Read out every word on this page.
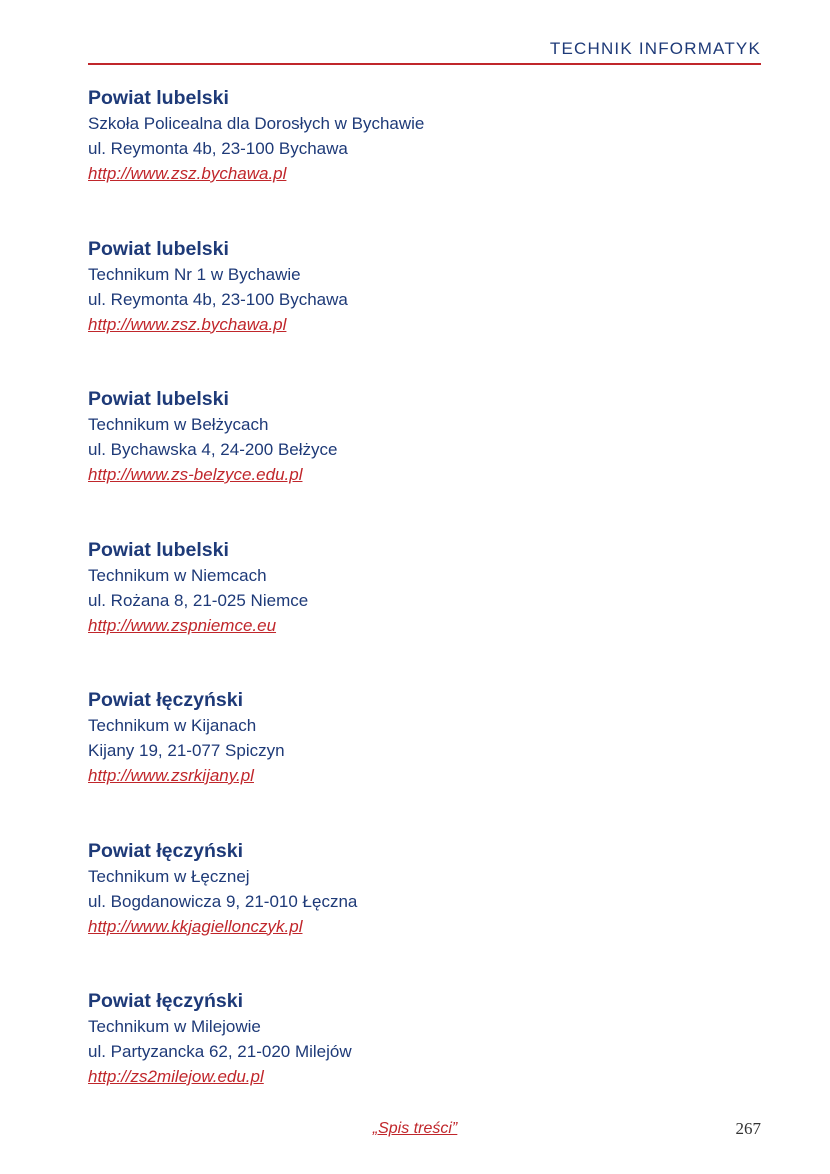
TECHNIK INFORMATYK
Powiat lubelski
Szkoła Policealna dla Dorosłych w Bychawie
ul. Reymonta 4b, 23-100 Bychawa
http://www.zsz.bychawa.pl
Powiat lubelski
Technikum Nr 1 w Bychawie
ul. Reymonta 4b, 23-100 Bychawa
http://www.zsz.bychawa.pl
Powiat lubelski
Technikum w Bełżycach
ul. Bychawska 4, 24-200 Bełżyce
http://www.zs-belzyce.edu.pl
Powiat lubelski
Technikum w Niemcach
ul. Rożana 8, 21-025 Niemce
http://www.zspniemce.eu
Powiat łęczyński
Technikum w Kijanach
Kijany 19, 21-077 Spiczyn
http://www.zsrkijany.pl
Powiat łęczyński
Technikum w Łęcznej
ul. Bogdanowicza 9, 21-010 Łęczna
http://www.kkjagiellonczyk.pl
Powiat łęczyński
Technikum w Milejowie
ul. Partyzancka 62, 21-020 Milejów
http://zs2milejow.edu.pl
„Spis treści”	267
